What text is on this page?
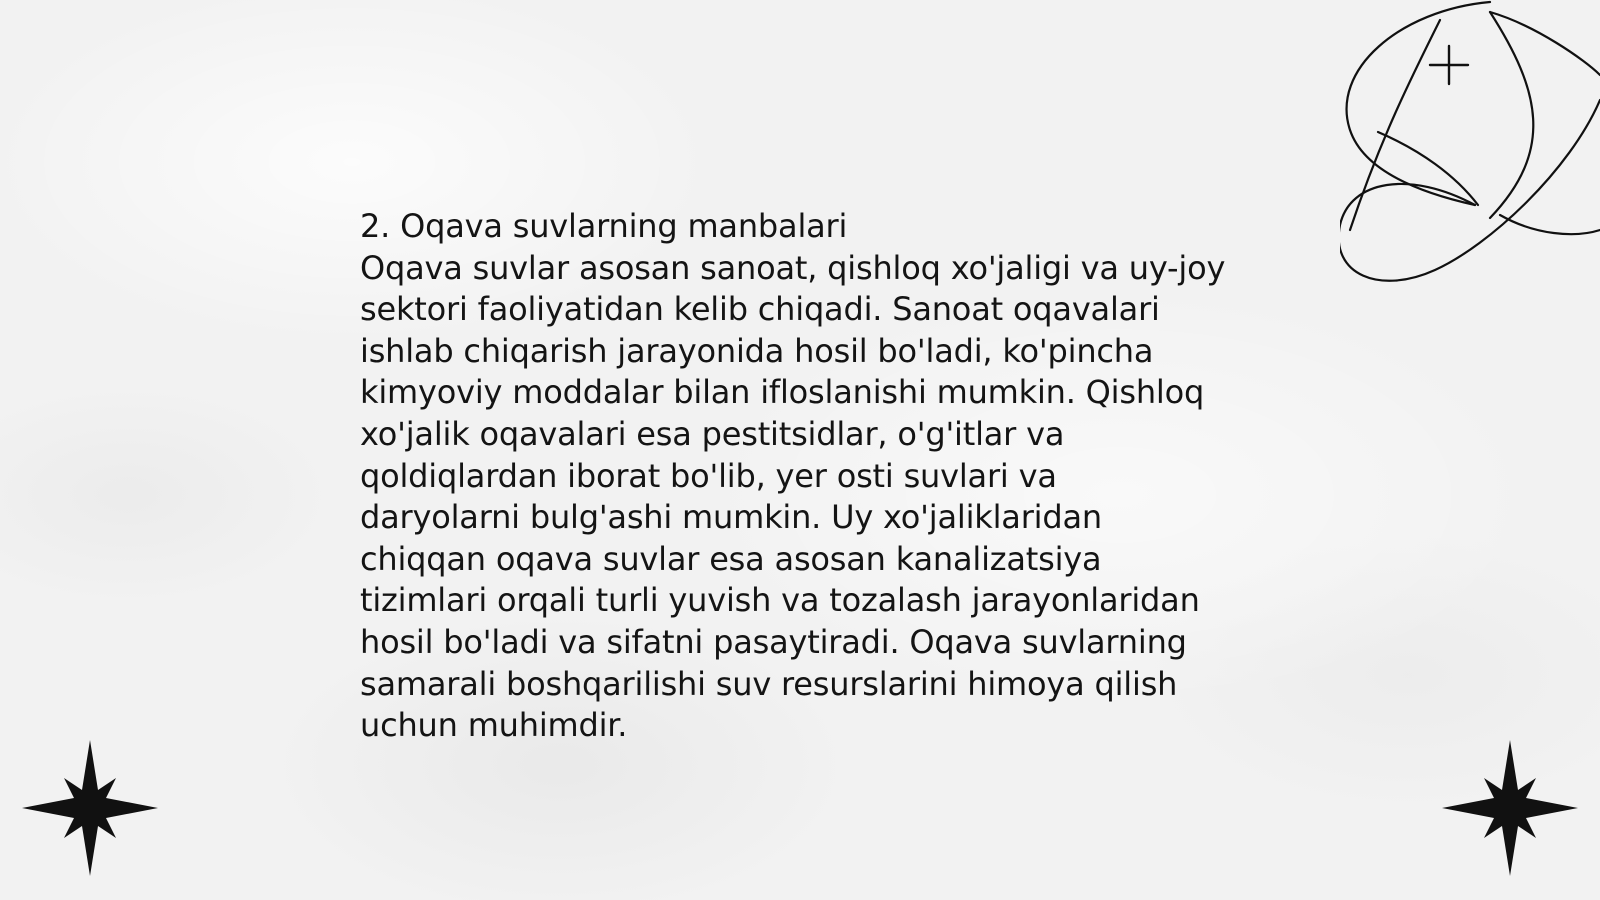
2. Oqava suvlarning manbalari

Oqava suvlar asosan sanoat, qishloq xo'jaligi va uy-joy
sektori faoliyatidan kelib chiqadi. Sanoat oqavalari
ishlab chiqarish jarayonida hosil bo'ladi, ko'pincha
kimyoviy moddalar bilan ifloslanishi mumkin. Qishloq
xo'jalik oqavalari esa pestitsidlar, o'g'itlar va
qoldiqlardan iborat bo'lib, yer osti suvlari va
daryolarni bulg'ashi mumkin. Uy xo'jaliklaridan
chiqqan oqava suvlar esa asosan kanalizatsiya
tizimlari orqali turli yuvish va tozalash jarayonlaridan
hosil bo'ladi va sifatni pasaytiradi. Oqava suvlarning
samarali boshqarilishi suv resurslarini himoya qilish
uchun muhimdir.
